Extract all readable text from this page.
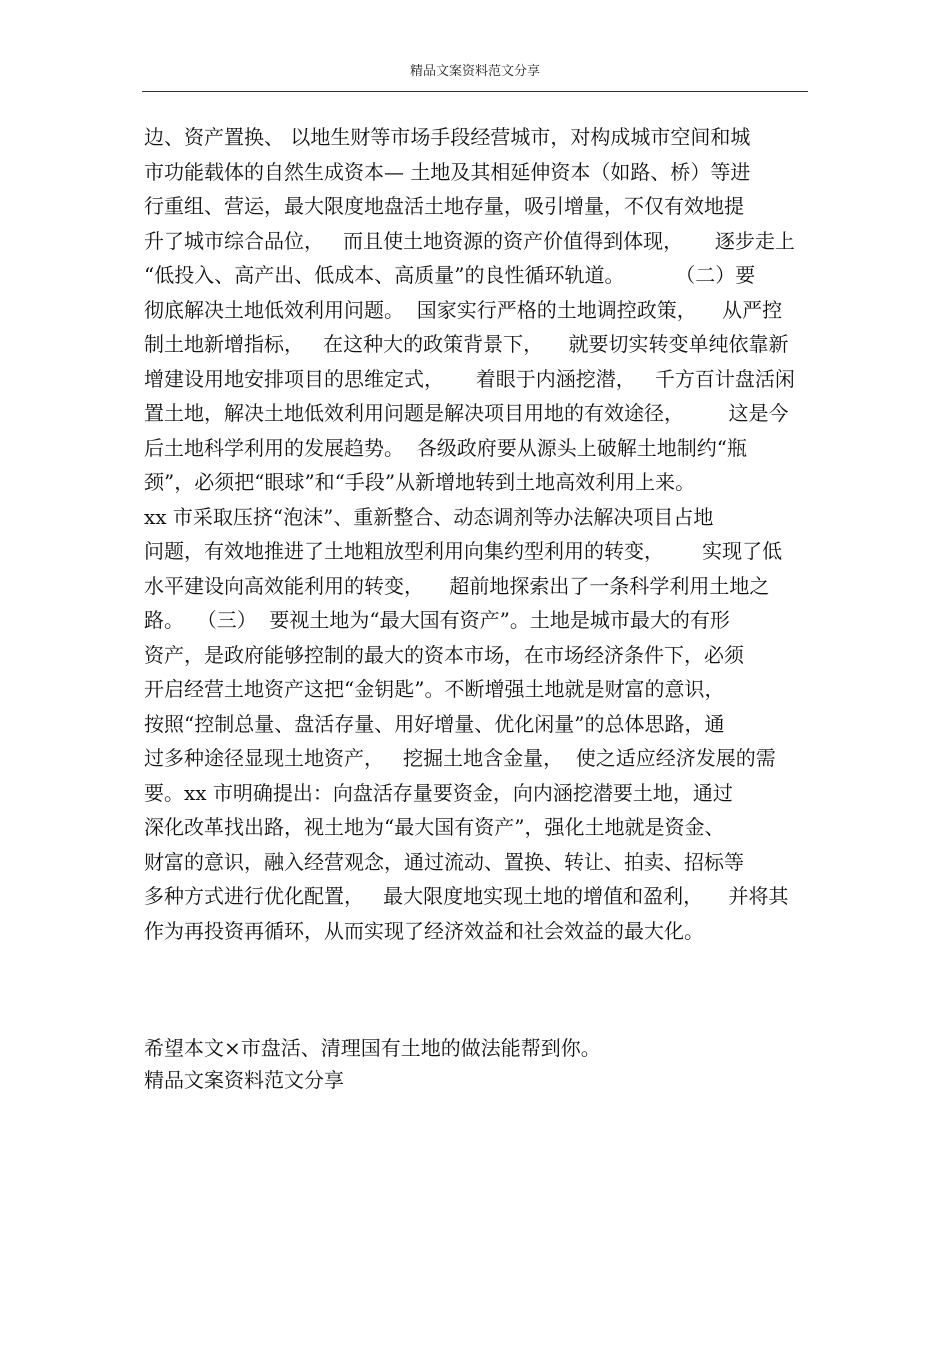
精品文案资料范文分享
边、资产置换、 以地生财等市场手段经营城市，对构成城市空间和城
市功能载体的自然生成资本— 土地及其相延伸资本（如路、桥）等进
行重组、营运，最大限度地盘活土地存量，吸引增量，不仅有效地提
升了城市综合品位，   而且使土地资源的资产价值得到体现，     逐步走上
“低投入、高产出、低成本、高质量”的良性循环轨道。        （二）要
彻底解决土地低效利用问题。  国家实行严格的土地调控政策，    从严控
制土地新增指标，   在这种大的政策背景下，    就要切实转变单纯依靠新
增建设用地安排项目的思维定式，     着眼于内涵挖潜，   千方百计盘活闲
置土地，解决土地低效利用问题是解决项目用地的有效途径，       这是今
后土地科学利用的发展趋势。  各级政府要从源头上破解土地制约“瓶
颈”，必须把“眼球”和“手段”从新增地转到土地高效利用上来。
xx 市采取压挤“泡沫”、重新整合、动态调剂等办法解决项目占地
问题，有效地推进了土地粗放型利用向集约型利用的转变，      实现了低
水平建设向高效能利用的转变，    超前地探索出了一条科学利用土地之
路。  （三）  要视土地为“最大国有资产”。土地是城市最大的有形
资产，是政府能够控制的最大的资本市场，在市场经济条件下，必须
开启经营土地资产这把“金钥匙”。不断增强土地就是财富的意识，
按照“控制总量、盘活存量、用好增量、优化闲量”的总体思路，通
过多种途径显现土地资产，   挖掘土地含金量，  使之适应经济发展的需
要。xx 市明确提出：向盘活存量要资金，向内涵挖潜要土地，通过
深化改革找出路，视土地为“最大国有资产”，强化土地就是资金、
财富的意识，融入经营观念，通过流动、置换、转让、拍卖、招标等
多种方式进行优化配置，   最大限度地实现土地的增值和盈利，    并将其
作为再投资再循环，从而实现了经济效益和社会效益的最大化。
希望本文×市盘活、清理国有土地的做法能帮到你。
精品文案资料范文分享
